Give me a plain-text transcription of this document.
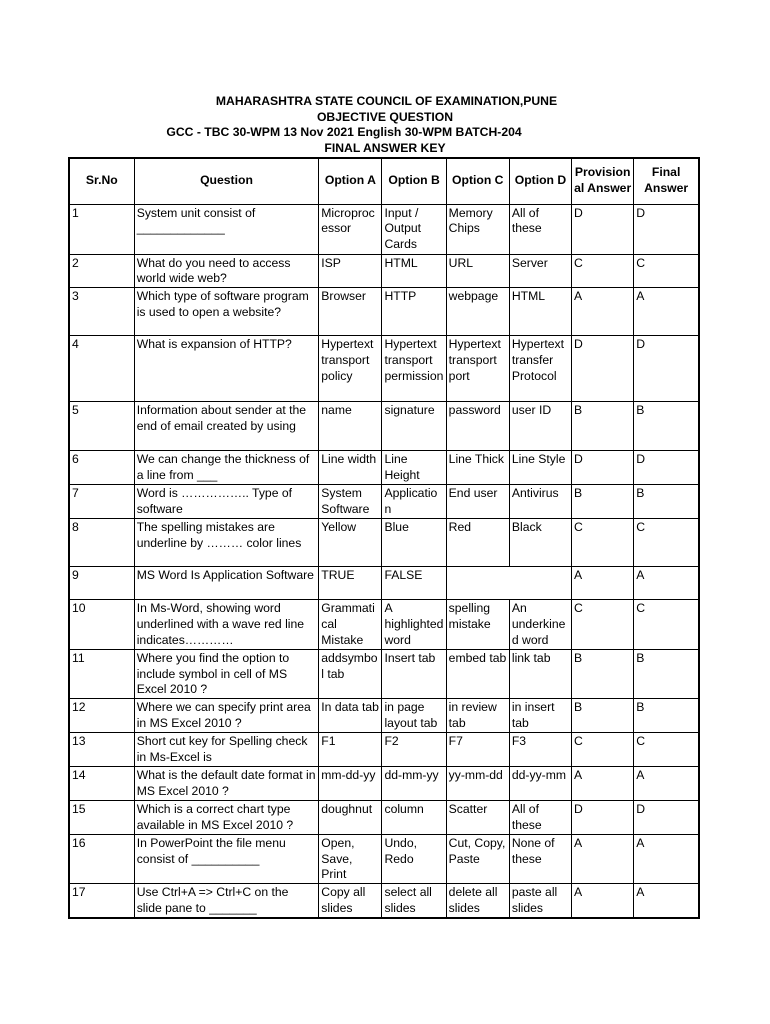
MAHARASHTRA STATE COUNCIL OF EXAMINATION,PUNE
OBJECTIVE QUESTION
GCC - TBC 30-WPM 13 Nov 2021 English 30-WPM BATCH-204
FINAL ANSWER KEY
Sr.No	Question	Option A	Option B	Option C	Option D	Provisional Answer	Final Answer
1	System unit consist of _____________	Microprocessor	Input / Output Cards	Memory Chips	All of these	D	D
2	What do you need to access world wide web?	ISP	HTML	URL	Server	C	C
3	Which type of software program is used to open a website?	Browser	HTTP	webpage	HTML	A	A
4	What is expansion of HTTP?	Hypertext transport policy	Hypertext transport permission	Hypertext transport port	Hypertext transfer Protocol	D	D
5	Information about sender at the end of email created by using	name	signature	password	user ID	B	B
6	We can change the thickness of a line from ___	Line width	Line Height	Line Thick	Line Style	D	D
7	Word is …………….. Type of software	System Software	Application	End user	Antivirus	B	B
8	The spelling mistakes are underline by ……… color lines	Yellow	Blue	Red	Black	C	C
9	MS Word Is Application Software	TRUE	FALSE			A	A
10	In Ms-Word, showing word underlined with a wave red line indicates…………	Grammatical Mistake	A highlighted word	spelling mistake	An underkined word	C	C
11	Where you find the option to include symbol in cell of MS Excel 2010 ?	addsymbol tab	Insert tab	embed tab	link tab	B	B
12	Where we can specify print area in MS Excel 2010 ?	In data tab	in page layout tab	in review tab	in insert tab	B	B
13	Short cut key for Spelling check in Ms-Excel is	F1	F2	F7	F3	C	C
14	What is the default date format in MS Excel 2010 ?	mm-dd-yy	dd-mm-yy	yy-mm-dd	dd-yy-mm	A	A
15	Which is a correct chart type available in MS Excel 2010 ?	doughnut	column	Scatter	All of these	D	D
16	In PowerPoint the file menu consist of __________	Open, Save, Print	Undo, Redo	Cut, Copy, Paste	None of these	A	A
17	Use Ctrl+A => Ctrl+C on the slide pane to _______	Copy all slides	select all slides	delete all slides	paste all slides	A	A
